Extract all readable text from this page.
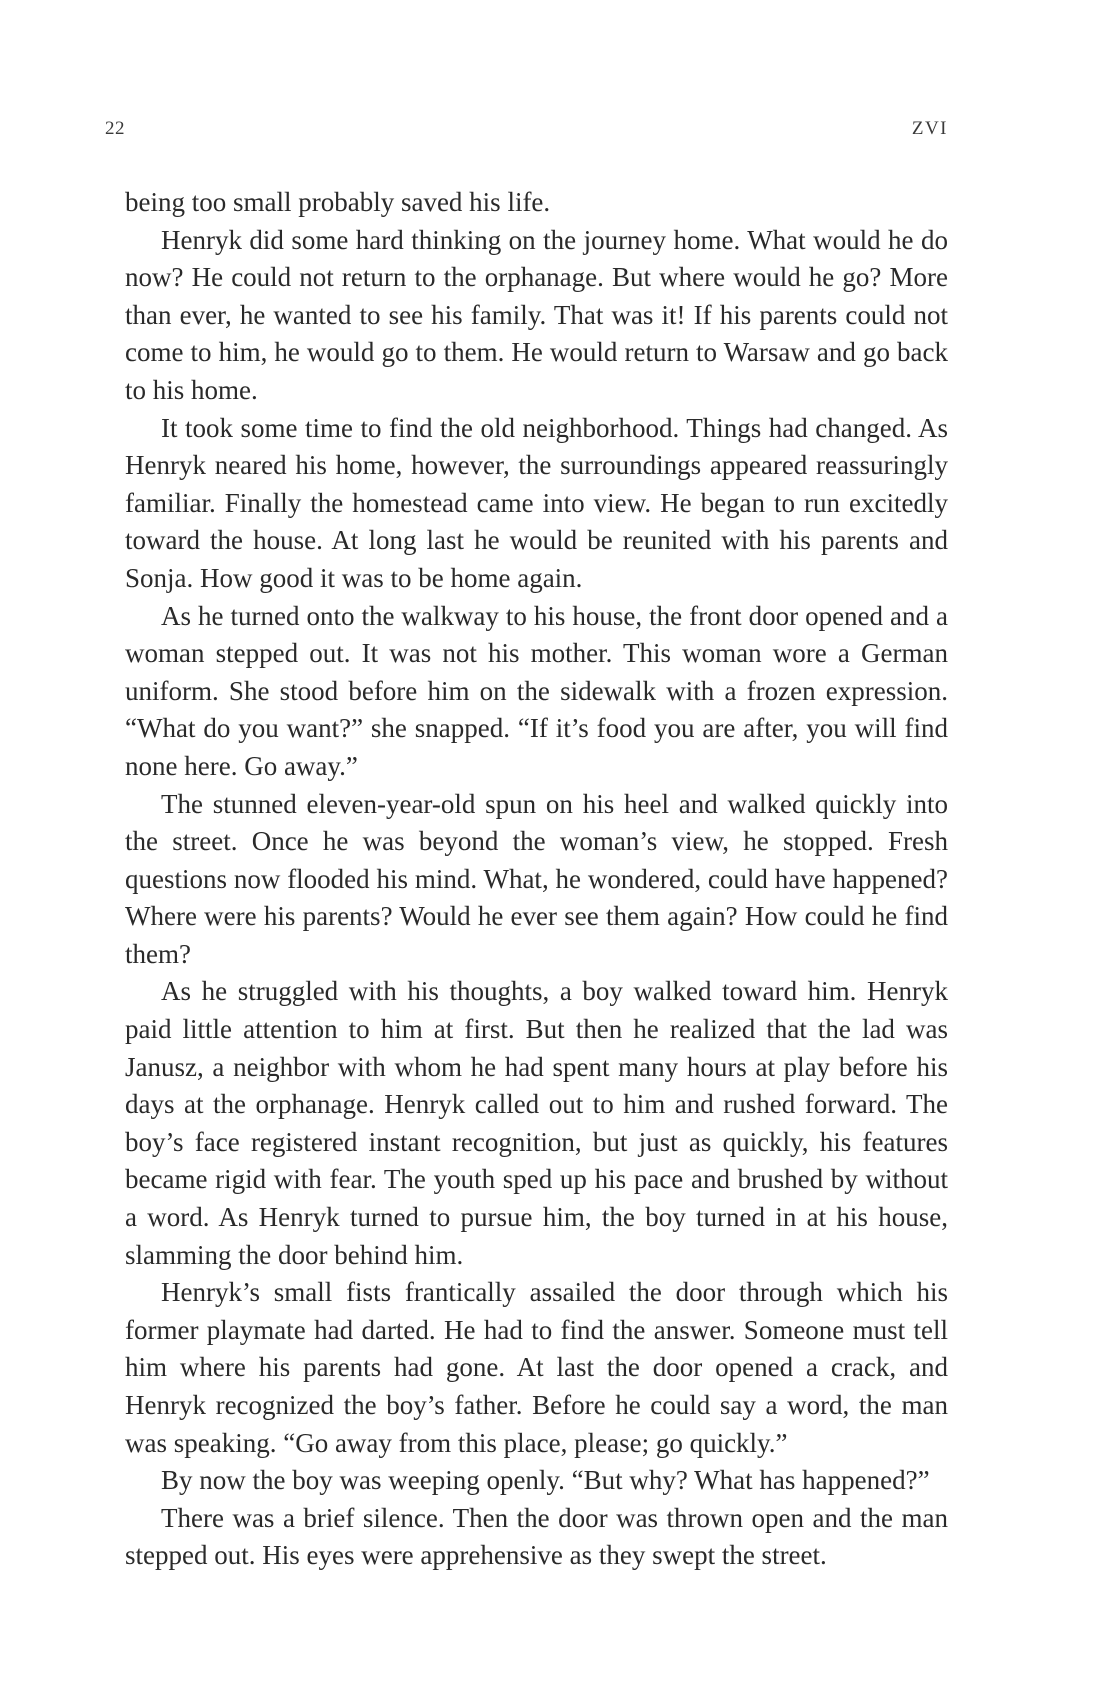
22	ZVI

being too small probably saved his life.

Henryk did some hard thinking on the journey home. What would he do now? He could not return to the orphanage. But where would he go? More than ever, he wanted to see his family. That was it! If his parents could not come to him, he would go to them. He would return to Warsaw and go back to his home.

It took some time to find the old neighborhood. Things had changed. As Henryk neared his home, however, the surroundings appeared reassuringly familiar. Finally the homestead came into view. He began to run excitedly toward the house. At long last he would be reunited with his parents and Sonja. How good it was to be home again.

As he turned onto the walkway to his house, the front door opened and a woman stepped out. It was not his mother. This woman wore a German uniform. She stood before him on the sidewalk with a frozen expression. “What do you want?” she snapped. “If it’s food you are after, you will find none here. Go away.”

The stunned eleven-year-old spun on his heel and walked quickly into the street. Once he was beyond the woman’s view, he stopped. Fresh questions now flooded his mind. What, he wondered, could have happened? Where were his parents? Would he ever see them again? How could he find them?

As he struggled with his thoughts, a boy walked toward him. Henryk paid little attention to him at first. But then he realized that the lad was Janusz, a neighbor with whom he had spent many hours at play before his days at the orphanage. Henryk called out to him and rushed forward. The boy’s face registered instant recognition, but just as quickly, his features became rigid with fear. The youth sped up his pace and brushed by without a word. As Henryk turned to pursue him, the boy turned in at his house, slamming the door behind him.

Henryk’s small fists frantically assailed the door through which his former playmate had darted. He had to find the answer. Someone must tell him where his parents had gone. At last the door opened a crack, and Henryk recognized the boy’s father. Before he could say a word, the man was speaking. “Go away from this place, please; go quickly.”

By now the boy was weeping openly. “But why? What has happened?”

There was a brief silence. Then the door was thrown open and the man stepped out. His eyes were apprehensive as they swept the street.
